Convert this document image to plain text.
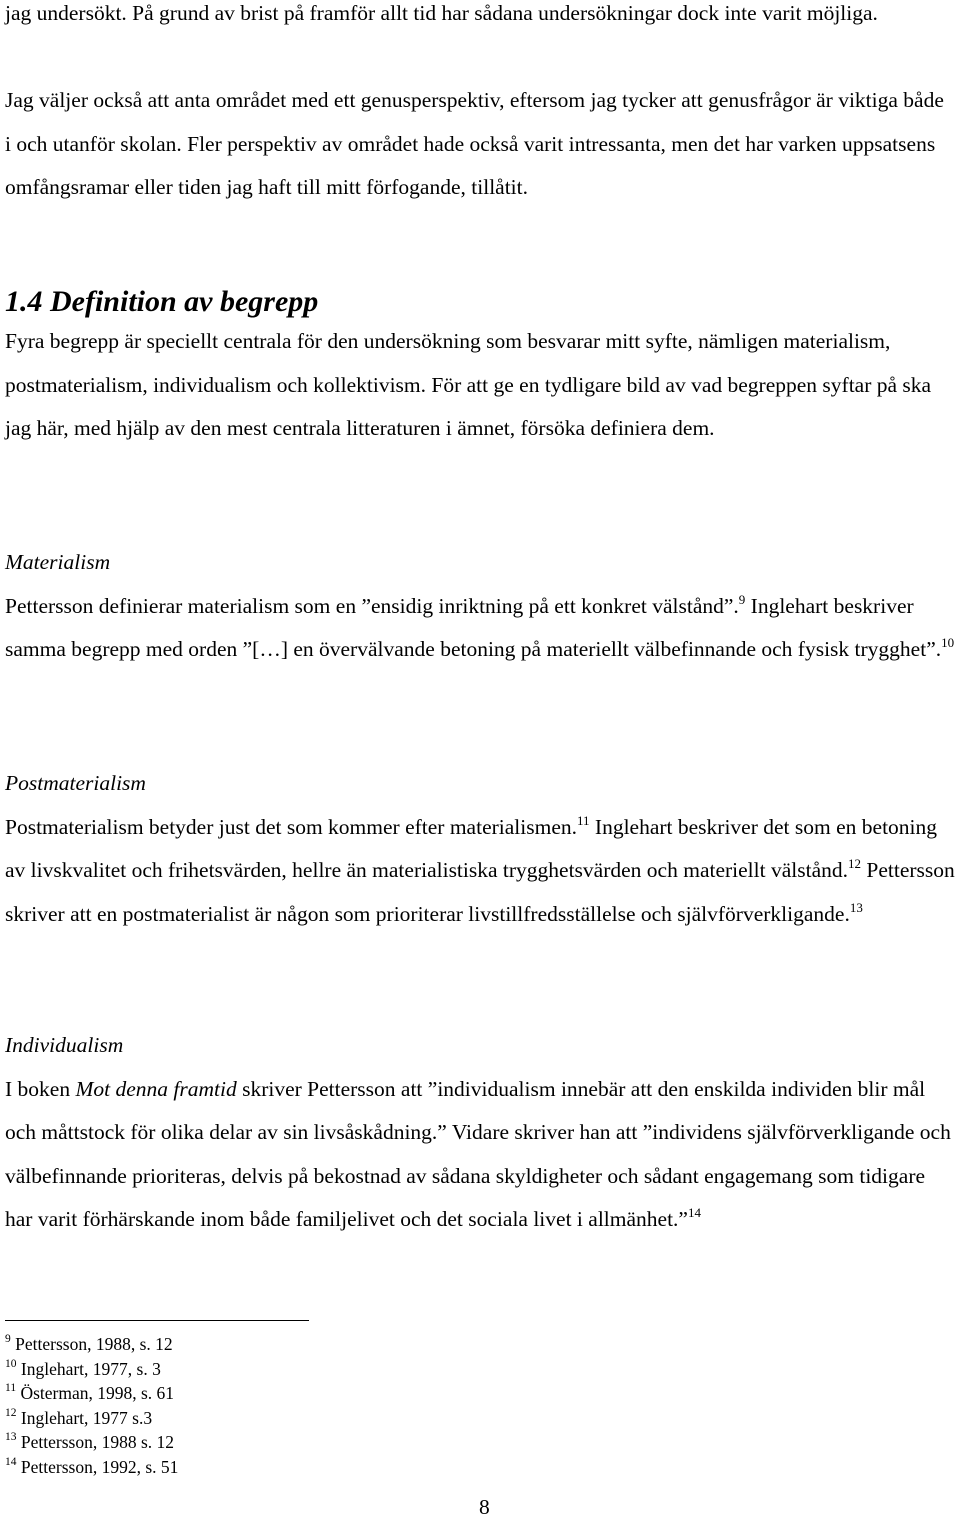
jag undersökt. På grund av brist på framför allt tid har sådana undersökningar dock inte varit möjliga.

Jag väljer också att anta området med ett genusperspektiv, eftersom jag tycker att genusfrågor är viktiga både i och utanför skolan. Fler perspektiv av området hade också varit intressanta, men det har varken uppsatsens omfångsramar eller tiden jag haft till mitt förfogande, tillåtit.

1.4 Definition av begrepp

Fyra begrepp är speciellt centrala för den undersökning som besvarar mitt syfte, nämligen materialism, postmaterialism, individualism och kollektivism. För att ge en tydligare bild av vad begreppen syftar på ska jag här, med hjälp av den mest centrala litteraturen i ämnet, försöka definiera dem.

Materialism

Pettersson definierar materialism som en ”ensidig inriktning på ett konkret välstånd”.$^9$ Inglehart beskriver samma begrepp med orden ”[…] en övervälvande betoning på materiellt välbefinnande och fysisk trygghet”.$^{10}$

Postmaterialism

Postmaterialism betyder just det som kommer efter materialismen.$^{11}$ Inglehart beskriver det som en betoning av livskvalitet och frihetsvärden, hellre än materialistiska trygghetsvärden och materiellt välstånd.$^{12}$ Pettersson skriver att en postmaterialist är någon som prioriterar livstillfredsställelse och självförverkligande.$^{13}$

Individualism

I boken Mot denna framtid skriver Pettersson att ”individualism innebär att den enskilda individen blir mål och måttstock för olika delar av sin livsåskådning.” Vidare skriver han att ”individens självförverkligande och välbefinnande prioriteras, delvis på bekostnad av sådana skyldigheter och sådant engagemang som tidigare har varit förhärskande inom både familjelivet och det sociala livet i allmänhet.”$^{14}$

$^9$ Pettersson, 1988, s. 12
$^{10}$ Inglehart, 1977, s. 3
$^{11}$ Österman, 1998, s. 61
$^{12}$ Inglehart, 1977 s.3
$^{13}$ Pettersson, 1988 s. 12
$^{14}$ Pettersson, 1992, s. 51
8
